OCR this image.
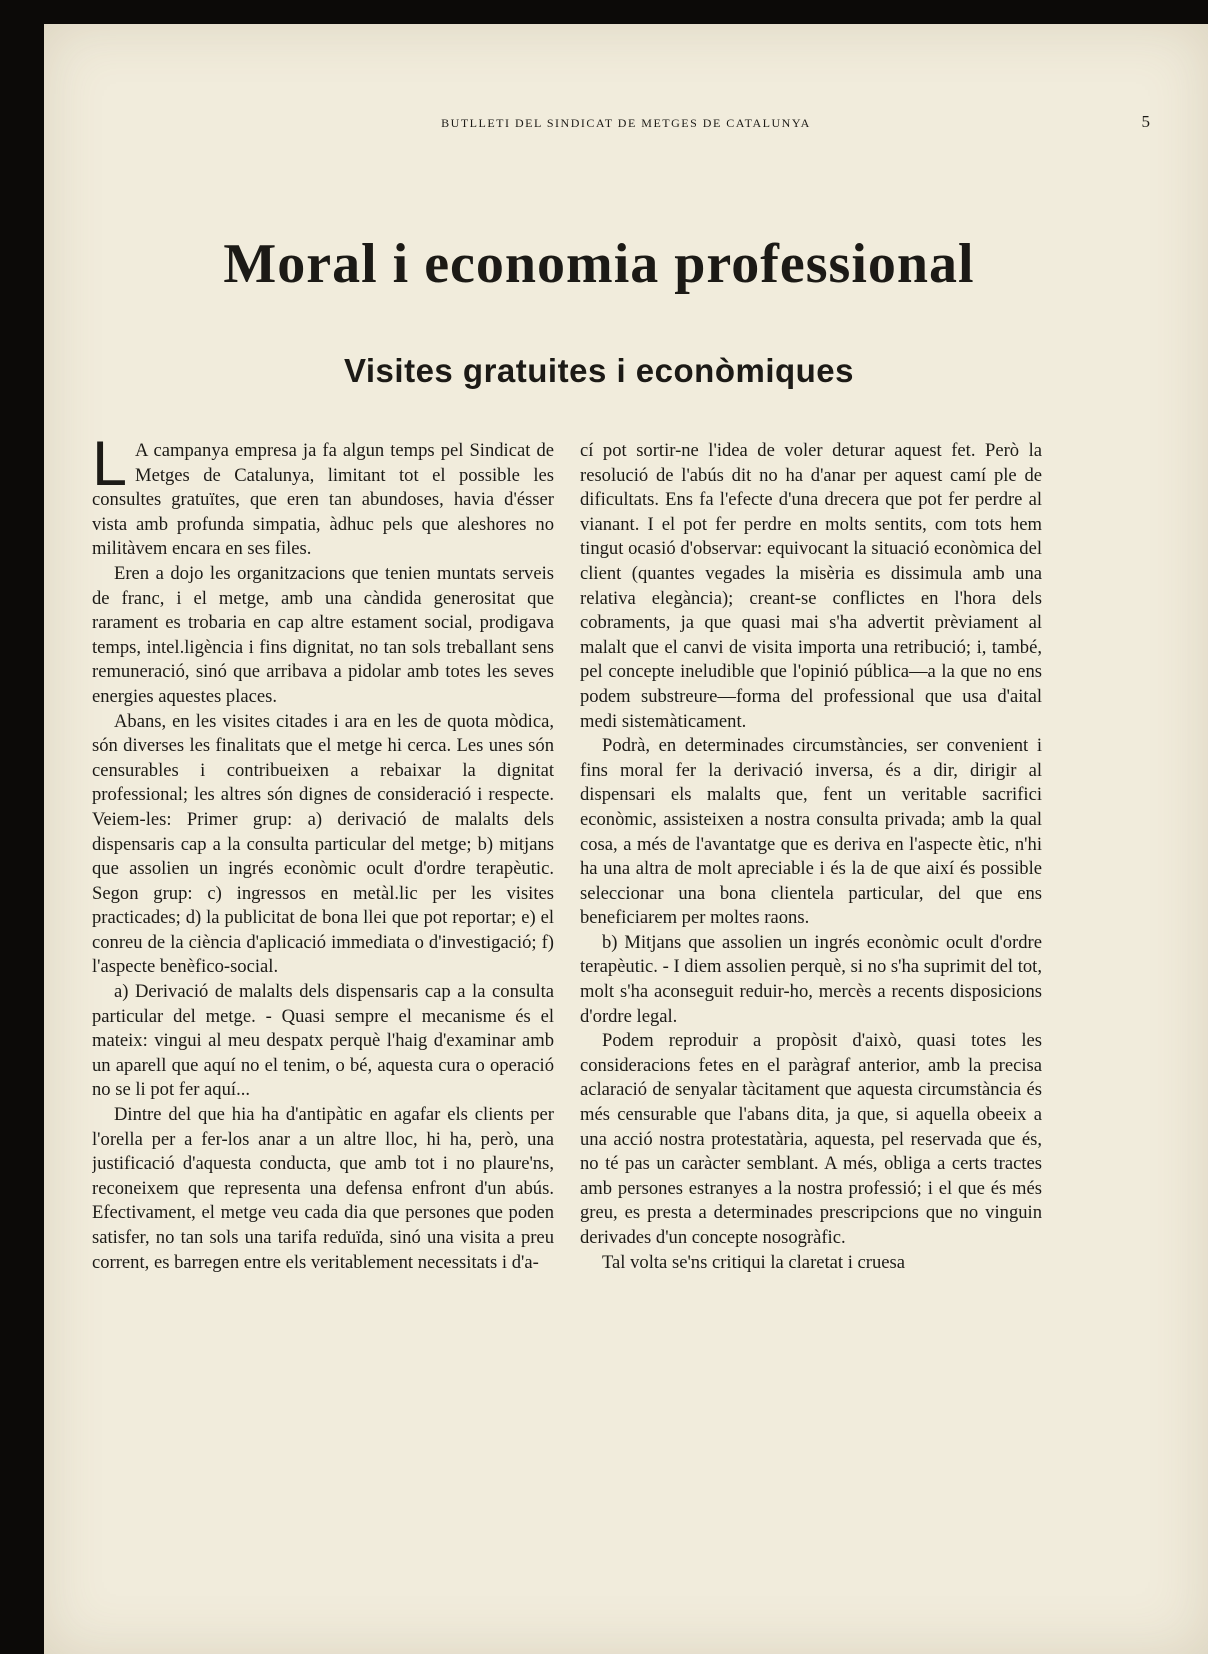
BUTLLETI DEL SINDICAT DE METGES DE CATALUNYA	5
Moral i economia professional
Visites gratuites i econòmiques

L A campanya empresa ja fa algun temps pel Sindicat de Metges de Catalunya, limitant tot el possible les consultes gratuïtes, que eren tan abundoses, havia d'ésser vista amb profunda simpatia, àdhuc pels que aleshores no militàvem encara en ses files.

Eren a dojo les organitzacions que tenien muntats serveis de franc, i el metge, amb una càndida generositat que rarament es trobaria en cap altre estament social, prodigava temps, intel.ligència i fins dignitat, no tan sols treballant sens remuneració, sinó que arribava a pidolar amb totes les seves energies aquestes places.

Abans, en les visites citades i ara en les de quota mòdica, són diverses les finalitats que el metge hi cerca. Les unes són censurables i contribueixen a rebaixar la dignitat professional; les altres són dignes de consideració i respecte. Veiem-les: Primer grup: a) derivació de malalts dels dispensaris cap a la consulta particular del metge; b) mitjans que assolien un ingrés econòmic ocult d'ordre terapèutic. Segon grup: c) ingressos en metàl.lic per les visites practicades; d) la publicitat de bona llei que pot reportar; e) el conreu de la ciència d'aplicació immediata o d'investigació; f) l'aspecte benèfico-social.

a) Derivació de malalts dels dispensaris cap a la consulta particular del metge. - Quasi sempre el mecanisme és el mateix: vingui al meu despatx perquè l'haig d'examinar amb un aparell que aquí no el tenim, o bé, aquesta cura o operació no se li pot fer aquí...

Dintre del que hia ha d'antipàtic en agafar els clients per l'orella per a fer-los anar a un altre lloc, hi ha, però, una justificació d'aquesta conducta, que amb tot i no plaure'ns, reconeixem que representa una defensa enfront d'un abús. Efectivament, el metge veu cada dia que persones que poden satisfer, no tan sols una tarifa reduïda, sinó una visita a preu corrent, es barregen entre els veritablement necessitats i d'a-

cí pot sortir-ne l'idea de voler deturar aquest fet. Però la resolució de l'abús dit no ha d'anar per aquest camí ple de dificultats. Ens fa l'efecte d'una drecera que pot fer perdre al vianant. I el pot fer perdre en molts sentits, com tots hem tingut ocasió d'observar: equivocant la situació econòmica del client (quantes vegades la misèria es dissimula amb una relativa elegància); creant-se conflictes en l'hora dels cobraments, ja que quasi mai s'ha advertit prèviament al malalt que el canvi de visita importa una retribució; i, també, pel concepte ineludible que l'opinió pública—a la que no ens podem substreure—forma del professional que usa d'aital medi sistemàticament.

Podrà, en determinades circumstàncies, ser convenient i fins moral fer la derivació inversa, és a dir, dirigir al dispensari els malalts que, fent un veritable sacrifici econòmic, assisteixen a nostra consulta privada; amb la qual cosa, a més de l'avantatge que es deriva en l'aspecte ètic, n'hi ha una altra de molt apreciable i és la de que així és possible seleccionar una bona clientela particular, del que ens beneficiarem per moltes raons.

b) Mitjans que assolien un ingrés econòmic ocult d'ordre terapèutic. - I diem assolien perquè, si no s'ha suprimit del tot, molt s'ha aconseguit reduir-ho, mercès a recents disposicions d'ordre legal.

Podem reproduir a propòsit d'això, quasi totes les consideracions fetes en el paràgraf anterior, amb la precisa aclaració de senyalar tàcitament que aquesta circumstància és més censurable que l'abans dita, ja que, si aquella obeeix a una acció nostra protestatària, aquesta, pel reservada que és, no té pas un caràcter semblant. A més, obliga a certs tractes amb persones estranyes a la nostra professió; i el que és més greu, es presta a determinades prescripcions que no vinguin derivades d'un concepte nosogràfic.

Tal volta se'ns critiqui la claretat i cruesa
